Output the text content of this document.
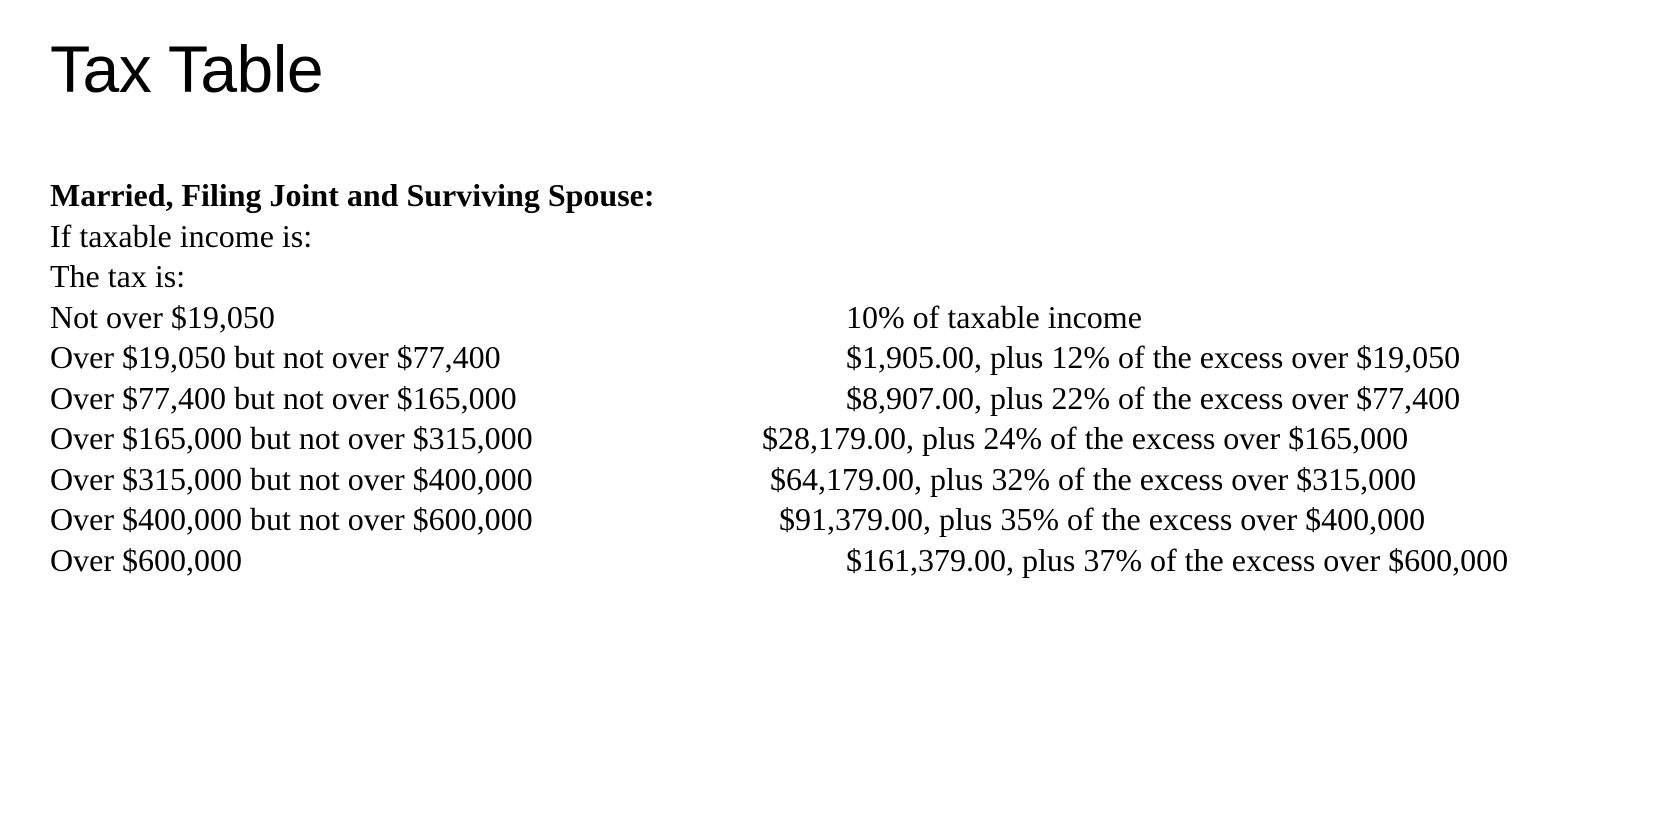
Tax Table
Married, Filing Joint and Surviving Spouse:
If taxable income is:
The tax is:
Not over $19,050	10% of taxable income
Over $19,050 but not over $77,400	$1,905.00, plus 12% of the excess over $19,050
Over $77,400 but not over $165,000	$8,907.00, plus 22% of the excess over $77,400
Over $165,000 but not over $315,000	$28,179.00, plus 24% of the excess over $165,000
Over $315,000 but not over $400,000	$64,179.00, plus 32% of the excess over $315,000
Over $400,000 but not over $600,000	$91,379.00, plus 35% of the excess over $400,000
Over $600,000	$161,379.00, plus 37% of the excess over $600,000
